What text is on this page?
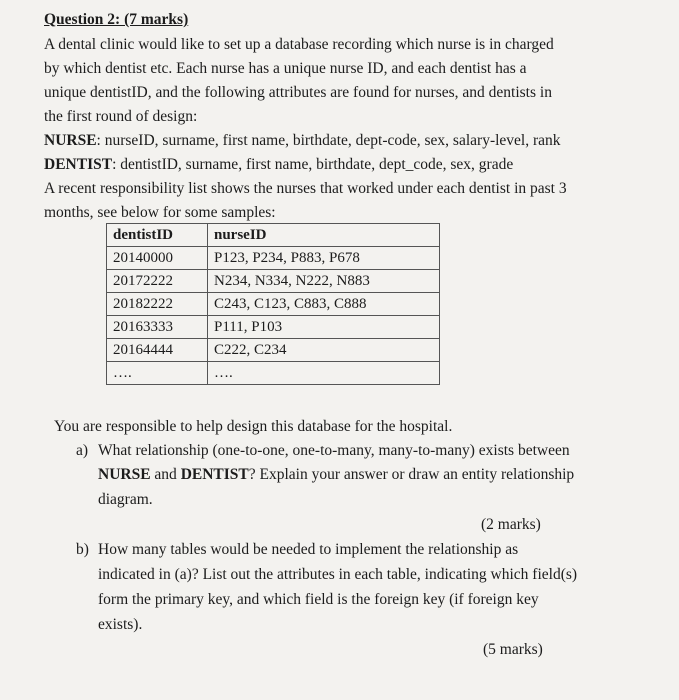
Question 2: (7 marks)
A dental clinic would like to set up a database recording which nurse is in charged
by which dentist etc. Each nurse has a unique nurse ID, and each dentist has a
unique dentistID, and the following attributes are found for nurses, and dentists in
the first round of design:
NURSE: nurseID, surname, first name, birthdate, dept-code, sex, salary-level, rank
DENTIST: dentistID, surname, first name, birthdate, dept_code, sex, grade
A recent responsibility list shows the nurses that worked under each dentist in past 3
months, see below for some samples:
dentistID	nurseID
20140000	P123, P234, P883, P678
20172222	N234, N334, N222, N883
20182222	C243, C123, C883, C888
20163333	P111, P103
20164444	C222, C234
….	….
You are responsible to help design this database for the hospital.
a) What relationship (one-to-one, one-to-many, many-to-many) exists between
NURSE and DENTIST? Explain your answer or draw an entity relationship
diagram.
(2 marks)
b) How many tables would be needed to implement the relationship as
indicated in (a)? List out the attributes in each table, indicating which field(s)
form the primary key, and which field is the foreign key (if foreign key
exists).
(5 marks)
